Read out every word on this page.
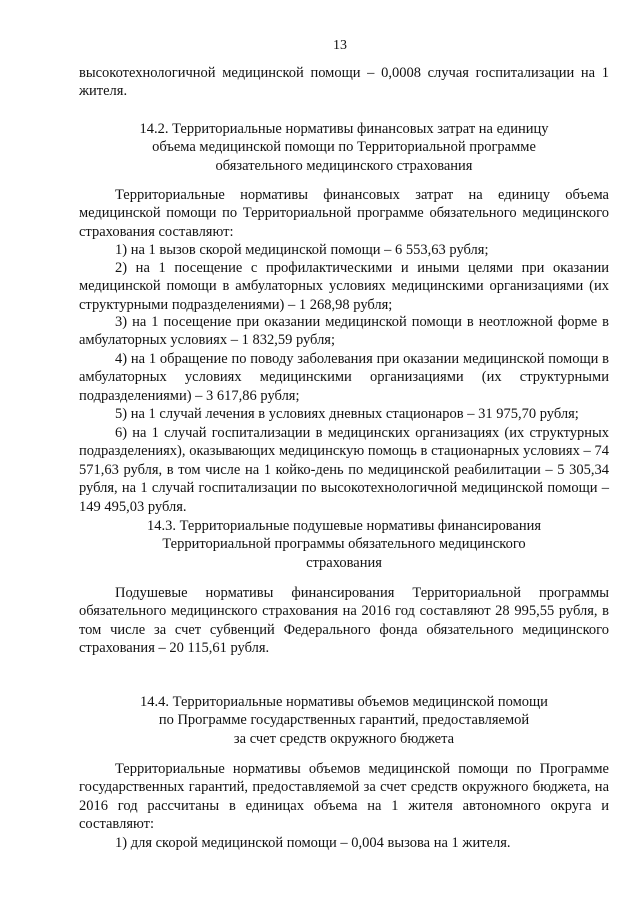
13

высокотехнологичной медицинской помощи – 0,0008 случая госпитализации на 1 жителя.

14.2. Территориальные нормативы финансовых затрат на единицу
объема медицинской помощи по Территориальной программе
обязательного медицинского страхования

Территориальные нормативы финансовых затрат на единицу объема медицинской помощи по Территориальной программе обязательного медицинского страхования составляют:

1) на 1 вызов скорой медицинской помощи – 6 553,63 рубля;

2) на 1 посещение с профилактическими и иными целями при оказании медицинской помощи в амбулаторных условиях медицинскими организациями (их структурными подразделениями) – 1 268,98 рубля;

3) на 1 посещение при оказании медицинской помощи в неотложной форме в амбулаторных условиях – 1 832,59 рубля;

4) на 1 обращение по поводу заболевания при оказании медицинской помощи в амбулаторных условиях медицинскими организациями (их структурными подразделениями) – 3 617,86 рубля;

5) на 1 случай лечения в условиях дневных стационаров – 31 975,70 рубля;

6) на 1 случай госпитализации в медицинских организациях (их структурных подразделениях), оказывающих медицинскую помощь в стационарных условиях – 74 571,63 рубля, в том числе на 1 койко-день по медицинской реабилитации – 5 305,34 рубля, на 1 случай госпитализации по высокотехнологичной медицинской помощи – 149 495,03 рубля.

14.3. Территориальные подушевые нормативы финансирования
Территориальной программы обязательного медицинского
страхования

Подушевые нормативы финансирования Территориальной программы обязательного медицинского страхования на 2016 год составляют 28 995,55 рубля, в том числе за счет субвенций Федерального фонда обязательного медицинского страхования – 20 115,61 рубля.

14.4. Территориальные нормативы объемов медицинской помощи
по Программе государственных гарантий, предоставляемой
за счет средств окружного бюджета

Территориальные нормативы объемов медицинской помощи по Программе государственных гарантий, предоставляемой за счет средств окружного бюджета, на 2016 год рассчитаны в единицах объема на 1 жителя автономного округа и составляют:

1) для скорой медицинской помощи – 0,004 вызова на 1 жителя.
